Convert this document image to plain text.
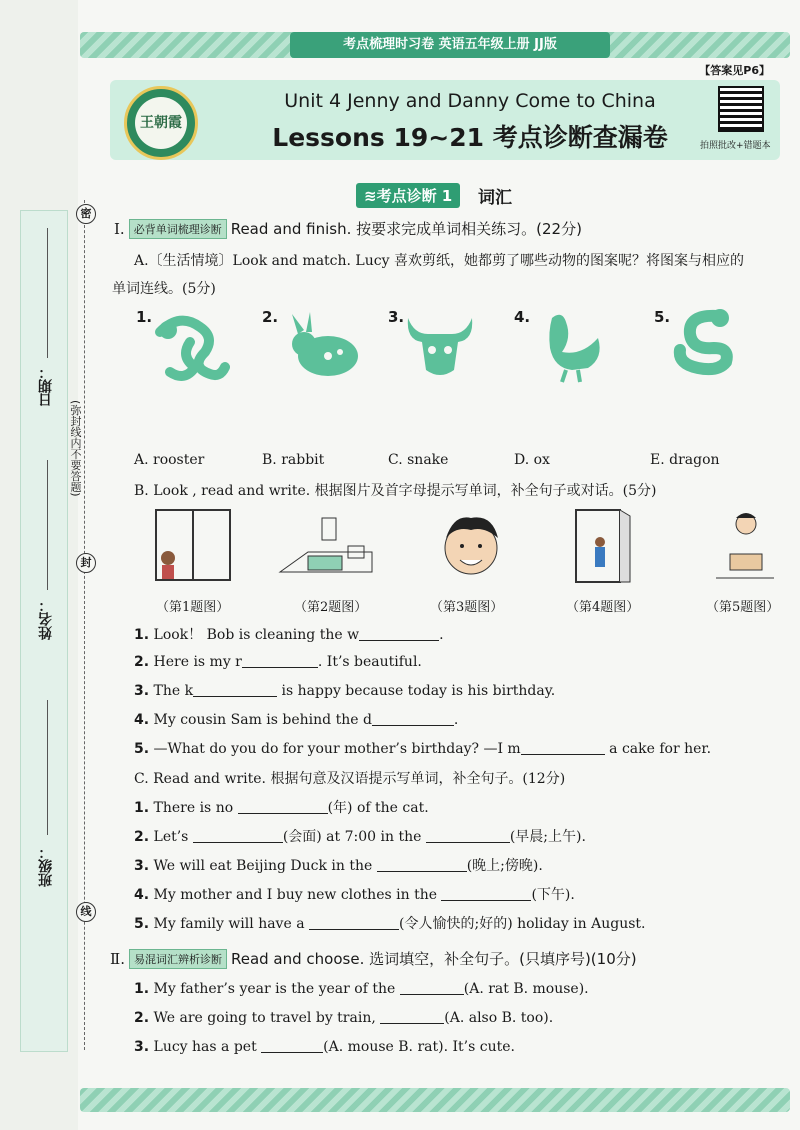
考点梳理时习卷 英语五年级上册 JJ版
日期：
姓名：
班级：
密
封
线
(弥封线内不要答题)
【答案见P6】
王朝霞
Unit 4 Jenny and Danny Come to China
Lessons 19~21 考点诊断查漏卷	拍照批改+错题本
≋考点诊断 1	词汇
Ⅰ. 必背单词梳理诊断 Read and finish. 按要求完成单词相关练习。(22分)
A.〔生活情境〕Look and match. Lucy 喜欢剪纸，她都剪了哪些动物的图案呢？将图案与相应的
单词连线。(5分)
1.	2.	3.	4.	5.
A. rooster	B. rabbit	C. snake	D. ox	E. dragon
B. Look , read and write. 根据图片及首字母提示写单词，补全句子或对话。(5分)
（第1题图）	（第2题图）	（第3题图）	（第4题图）	（第5题图）
1. Look！ Bob is cleaning the w	.
2. Here is my r	. It’s beautiful.
3. The k	is happy because today is his birthday.
4. My cousin Sam is behind the d	.
5. —What do you do for your mother’s birthday? —I m	a cake for her.
C. Read and write. 根据句意及汉语提示写单词，补全句子。(12分)
1. There is no	(年) of the cat.
2. Let’s	(会面) at 7:00 in the	(早晨;上午).
3. We will eat Beijing Duck in the	(晚上;傍晚).
4. My mother and I buy new clothes in the	(下午).
5. My family will have a	(令人愉快的;好的) holiday in August.
Ⅱ. 易混词汇辨析诊断 Read and choose. 选词填空，补全句子。(只填序号)(10分)
1. My father’s year is the year of the	(A. rat B. mouse).
2. We are going to travel by train,	(A. also B. too).
3. Lucy has a pet	(A. mouse B. rat). It’s cute.
